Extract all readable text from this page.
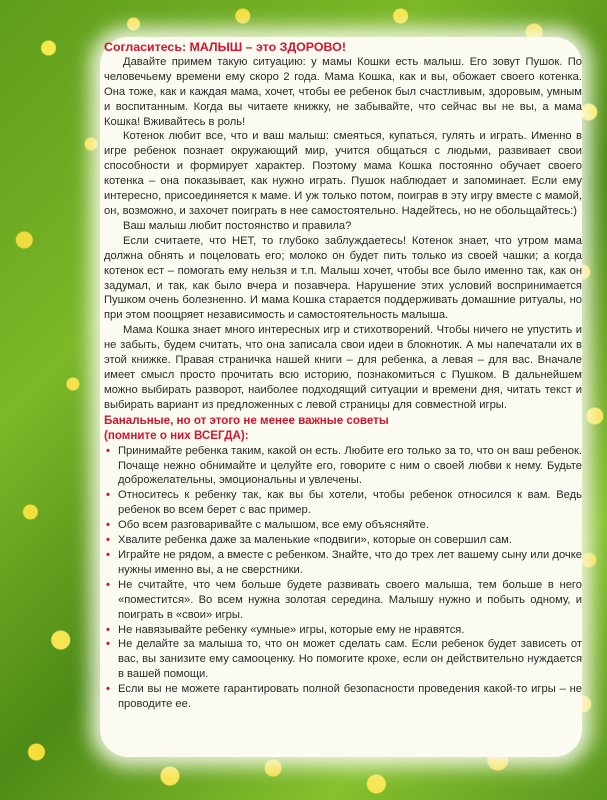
Согласитесь: МАЛЫШ – это ЗДОРОВО!

Давайте примем такую ситуацию: у мамы Кошки есть малыш. Его зовут Пушок. По человечьему времени ему скоро 2 года. Мама Кошка, как и вы, обожает своего котенка. Она тоже, как и каждая мама, хочет, чтобы ее ребенок был счастливым, здоровым, умным и воспитанным. Когда вы читаете книжку, не забывайте, что сейчас вы не вы, а мама Кошка! Вживайтесь в роль!

Котенок любит все, что и ваш малыш: смеяться, купаться, гулять и играть. Именно в игре ребенок познает окружающий мир, учится общаться с людьми, развивает свои способности и формирует характер. Поэтому мама Кошка постоянно обучает своего котенка – она показывает, как нужно играть. Пушок наблюдает и запоминает. Если ему интересно, присоединяется к маме. И уж только потом, поиграв в эту игру вместе с мамой, он, возможно, и захочет поиграть в нее самостоятельно. Надейтесь, но не обольщайтесь:)

Ваш малыш любит постоянство и правила?

Если считаете, что НЕТ, то глубоко заблуждаетесь! Котенок знает, что утром мама должна обнять и поцеловать его; молоко он будет пить только из своей чашки; а когда котенок ест – помогать ему нельзя и т.п. Малыш хочет, чтобы все было именно так, как он задумал, и так, как было вчера и позавчера. Нарушение этих условий воспринимается Пушком очень болезненно. И мама Кошка старается поддерживать домашние ритуалы, но при этом поощряет независимость и самостоятельность малыша.

Мама Кошка знает много интересных игр и стихотворений. Чтобы ничего не упустить и не забыть, будем считать, что она записала свои идеи в блокнотик. А мы напечатали их в этой книжке. Правая страничка нашей книги – для ребенка, а левая – для вас. Вначале имеет смысл просто прочитать всю историю, познакомиться с Пушком. В дальнейшем можно выбирать разворот, наиболее подходящий ситуации и времени дня, читать текст и выбирать вариант из предложенных с левой страницы для совместной игры.

Банальные, но от этого не менее важные советы
(помните о них ВСЕГДА):

• Принимайте ребенка таким, какой он есть. Любите его только за то, что он ваш ребенок. Почаще нежно обнимайте и целуйте его, говорите с ним о своей любви к нему. Будьте доброжелательны, эмоциональны и увлечены.
• Относитесь к ребенку так, как вы бы хотели, чтобы ребенок относился к вам. Ведь ребенок во всем берет с вас пример.
• Обо всем разговаривайте с малышом, все ему объясняйте.
• Хвалите ребенка даже за маленькие «подвиги», которые он совершил сам.
• Играйте не рядом, а вместе с ребенком. Знайте, что до трех лет вашему сыну или дочке нужны именно вы, а не сверстники.
• Не считайте, что чем больше будете развивать своего малыша, тем больше в него «поместится». Во всем нужна золотая середина. Малышу нужно и побыть одному, и поиграть в «свои» игры.
• Не навязывайте ребенку «умные» игры, которые ему не нравятся.
• Не делайте за малыша то, что он может сделать сам. Если ребенок будет зависеть от вас, вы занизите ему самооценку. Но помогите крохе, если он действительно нуждается в вашей помощи.
• Если вы не можете гарантировать полной безопасности проведения какой-то игры – не проводите ее.
